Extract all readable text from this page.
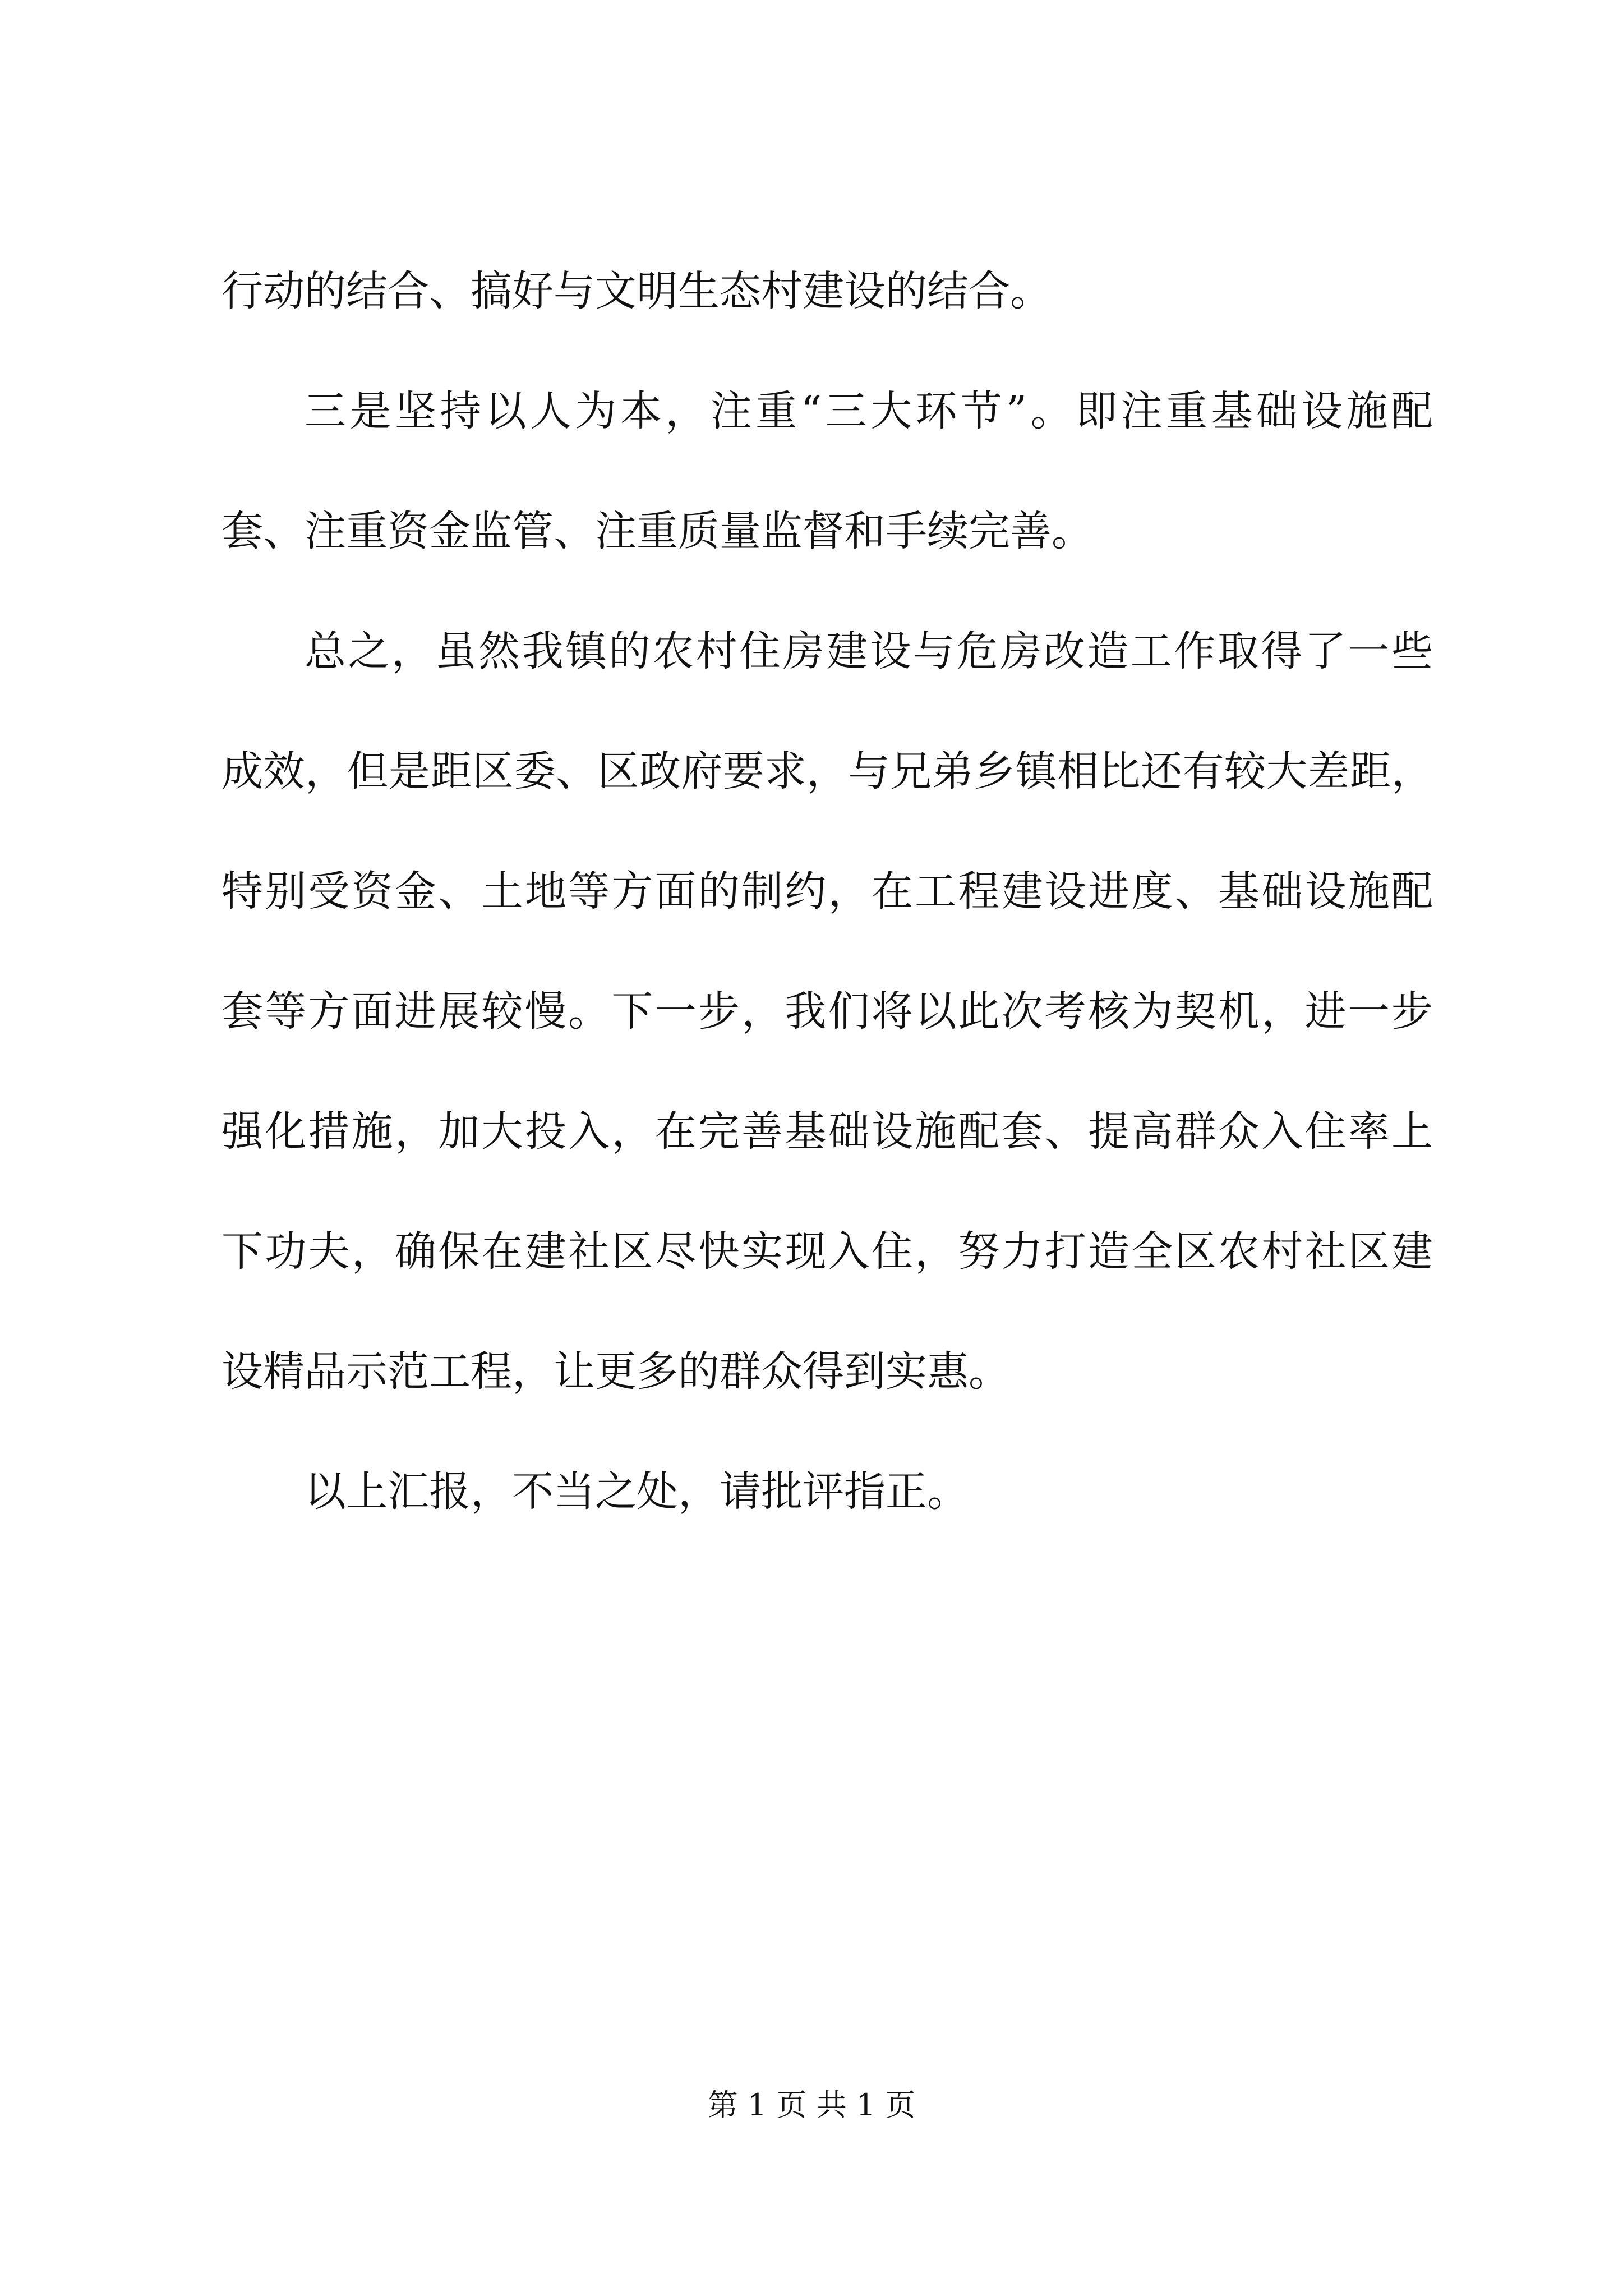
行动的结合、搞好与文明生态村建设的结合。
三是坚持以人为本，注重“三大环节”。即注重基础设施配
套、注重资金监管、注重质量监督和手续完善。
总之，虽然我镇的农村住房建设与危房改造工作取得了一些
成效，但是距区委、区政府要求，与兄弟乡镇相比还有较大差距，
特别受资金、土地等方面的制约，在工程建设进度、基础设施配
套等方面进展较慢。下一步，我们将以此次考核为契机，进一步
强化措施，加大投入，在完善基础设施配套、提高群众入住率上
下功夫，确保在建社区尽快实现入住，努力打造全区农村社区建
设精品示范工程，让更多的群众得到实惠。
以上汇报，不当之处，请批评指正。
第 1 页 共 1 页
